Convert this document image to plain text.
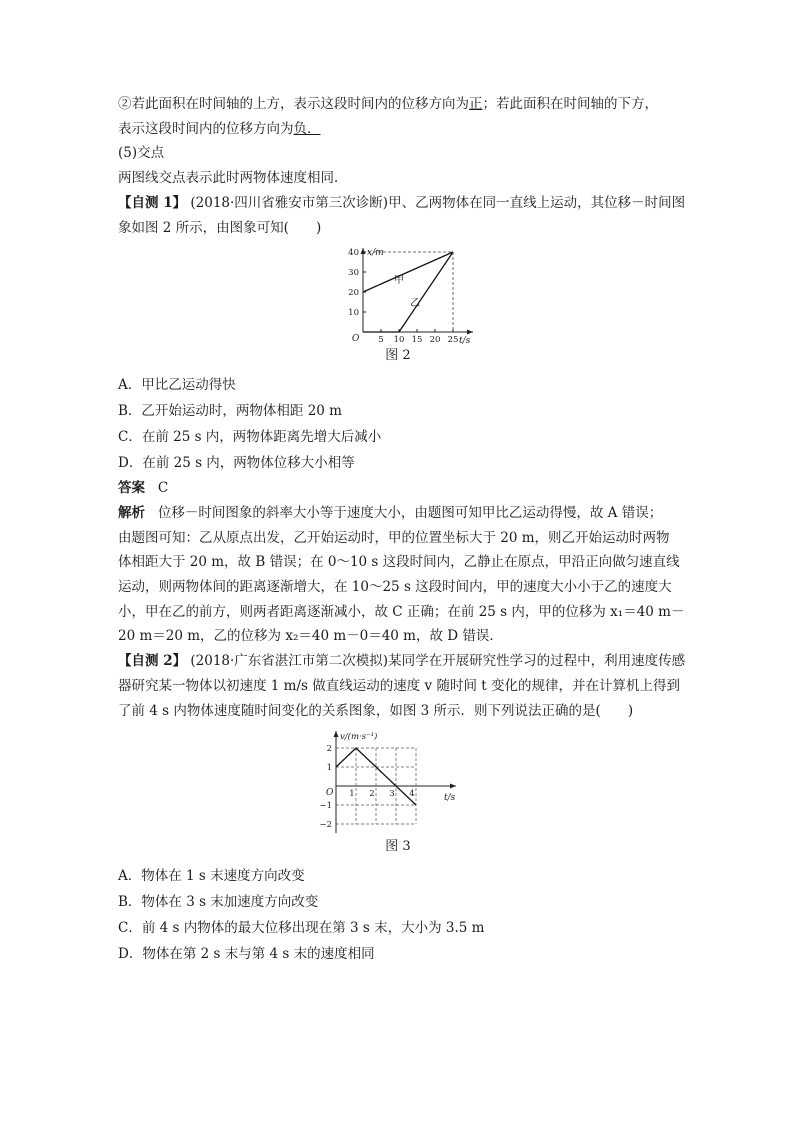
②若此面积在时间轴的上方，表示这段时间内的位移方向为正；若此面积在时间轴的下方，
表示这段时间内的位移方向为负．
(5)交点
两图线交点表示此时两物体速度相同．
【自测 1】 (2018·四川省雅安市第三次诊断)甲、乙两物体在同一直线上运动，其位移－时间图
象如图 2 所示，由图象可知(　　)
x/m
t/s
O
10
20
30
40
5 10 15 20 25
甲
乙
图 2
A．甲比乙运动得快
B．乙开始运动时，两物体相距 20 m
C．在前 25 s 内，两物体距离先增大后减小
D．在前 25 s 内，两物体位移大小相等
答案 C
解析 位移－时间图象的斜率大小等于速度大小，由题图可知甲比乙运动得慢，故 A 错误；
由题图可知：乙从原点出发，乙开始运动时，甲的位置坐标大于 20 m，则乙开始运动时两物
体相距大于 20 m，故 B 错误；在 0～10 s 这段时间内，乙静止在原点，甲沿正向做匀速直线
运动，则两物体间的距离逐渐增大，在 10～25 s 这段时间内，甲的速度大小小于乙的速度大
小，甲在乙的前方，则两者距离逐渐减小，故 C 正确；在前 25 s 内，甲的位移为 x₁＝40 m－
20 m＝20 m，乙的位移为 x₂＝40 m－0＝40 m，故 D 错误．
【自测 2】 (2018·广东省湛江市第二次模拟)某同学在开展研究性学习的过程中，利用速度传感
器研究某一物体以初速度 1 m/s 做直线运动的速度 v 随时间 t 变化的规律，并在计算机上得到
了前 4 s 内物体速度随时间变化的关系图象，如图 3 所示．则下列说法正确的是(　　)
v/(m·s⁻¹)
t/s
O
2
1
−1
−2
1 2 3 4
图 3
A．物体在 1 s 末速度方向改变
B．物体在 3 s 末加速度方向改变
C．前 4 s 内物体的最大位移出现在第 3 s 末，大小为 3.5 m
D．物体在第 2 s 末与第 4 s 末的速度相同
